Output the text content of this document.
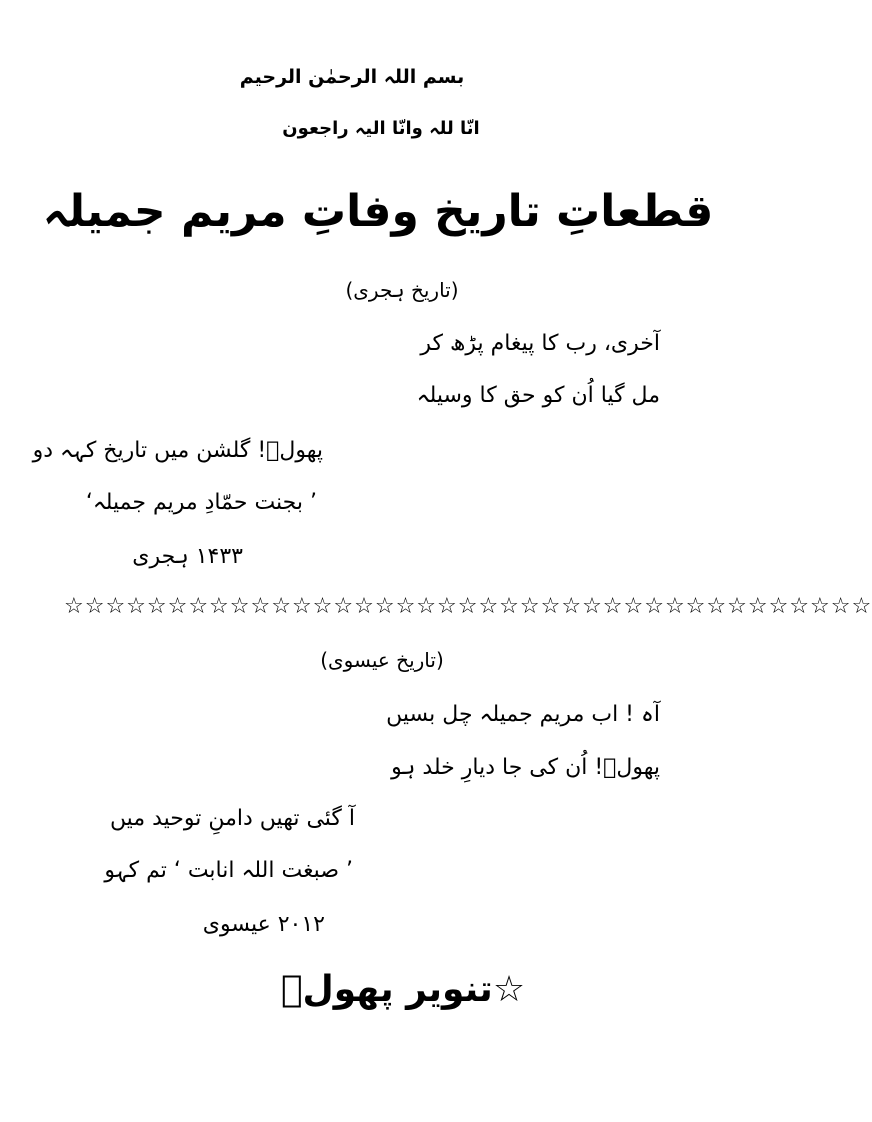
بسم اللہ الرحمٰن الرحیم
انّا للہ وانّا الیہ راجعون
قطعاتِ تاریخ وفاتِ مریم جمیلہ
(تاریخ ہجری)
آخری، رب کا پیغام پڑھ کر
مل گیا اُن کو حق کا وسیلہ
پھولؔ! گلشن میں تاریخ کہہ دو
’ بجنت حمّادِ مریم جمیلہ‘
۱۴۳۳ ہجری
☆☆☆☆☆☆☆☆☆☆☆☆☆☆☆☆☆☆☆☆☆☆☆☆☆☆☆☆☆☆☆☆☆☆☆☆☆☆☆
(تاریخ عیسوی)
آہ ! اب مریم جمیلہ چل بسیں
پھولؔ! اُن کی جا دیارِ خلد ہو
آ گئی تھیں دامنِ توحید میں
’ صبغت اللہ انابت ‘ تم کہو
۲۰۱۲ عیسوی
☆تنویر پھولؔ
